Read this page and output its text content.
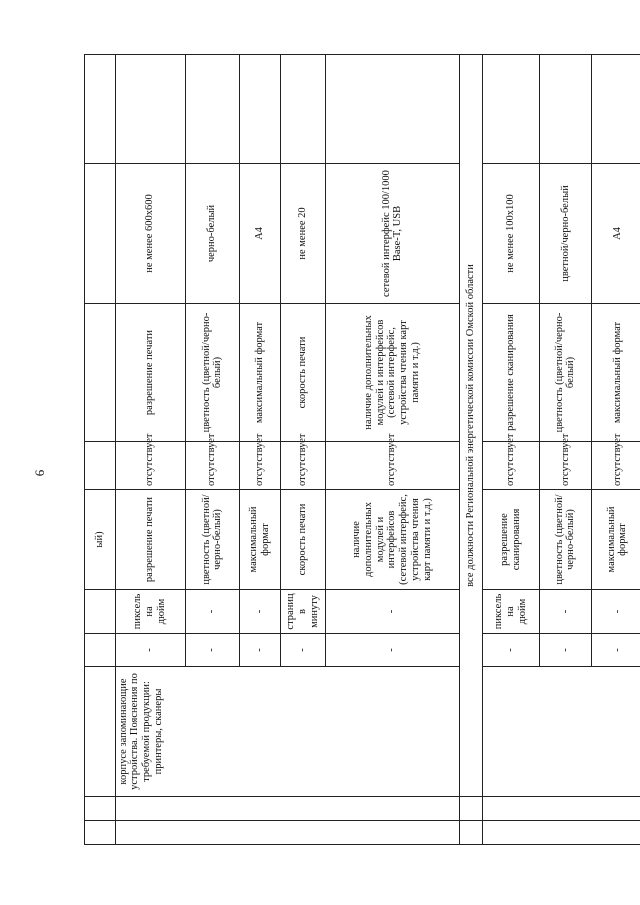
6
					ый)				
		корпусе запоминающие устройства. Пояснения по требуемой продукции: принтеры, сканеры	-	пиксель на дюйм	разрешение печати	отсутствует	разрешение печати	не менее 600x600	
			-	-	цветность (цветной/черно-белый)	отсутствует	цветность (цветной/черно-белый)	черно-белый	
			-	-	максимальный формат	отсутствует	максимальный формат	A4	
			-	страниц в минуту	скорость печати	отсутствует	скорость печати	не менее 20	
			-	-	наличие дополнительных модулей и интерфейсов (сетевой интерфейс, устройства чтения карт памяти и т.д.)	отсутствует	наличие дополнительных модулей и интерфейсов (сетевой интерфейс, устройства чтения карт памяти и т.д.)	сетевой интерфейс 100/1000 Base-T, USB	
		все должности Региональной энергетической комиссии Омской области							
			-	пиксель на дюйм	разрешение сканирования	отсутствует	разрешение сканирования	не менее 100x100	
			-	-	цветность (цветной/черно-белый)	отсутствует	цветность (цветной/черно-белый)	цветной/черно-белый	
			-	-	максимальный формат	отсутствует	максимальный формат	A4	
